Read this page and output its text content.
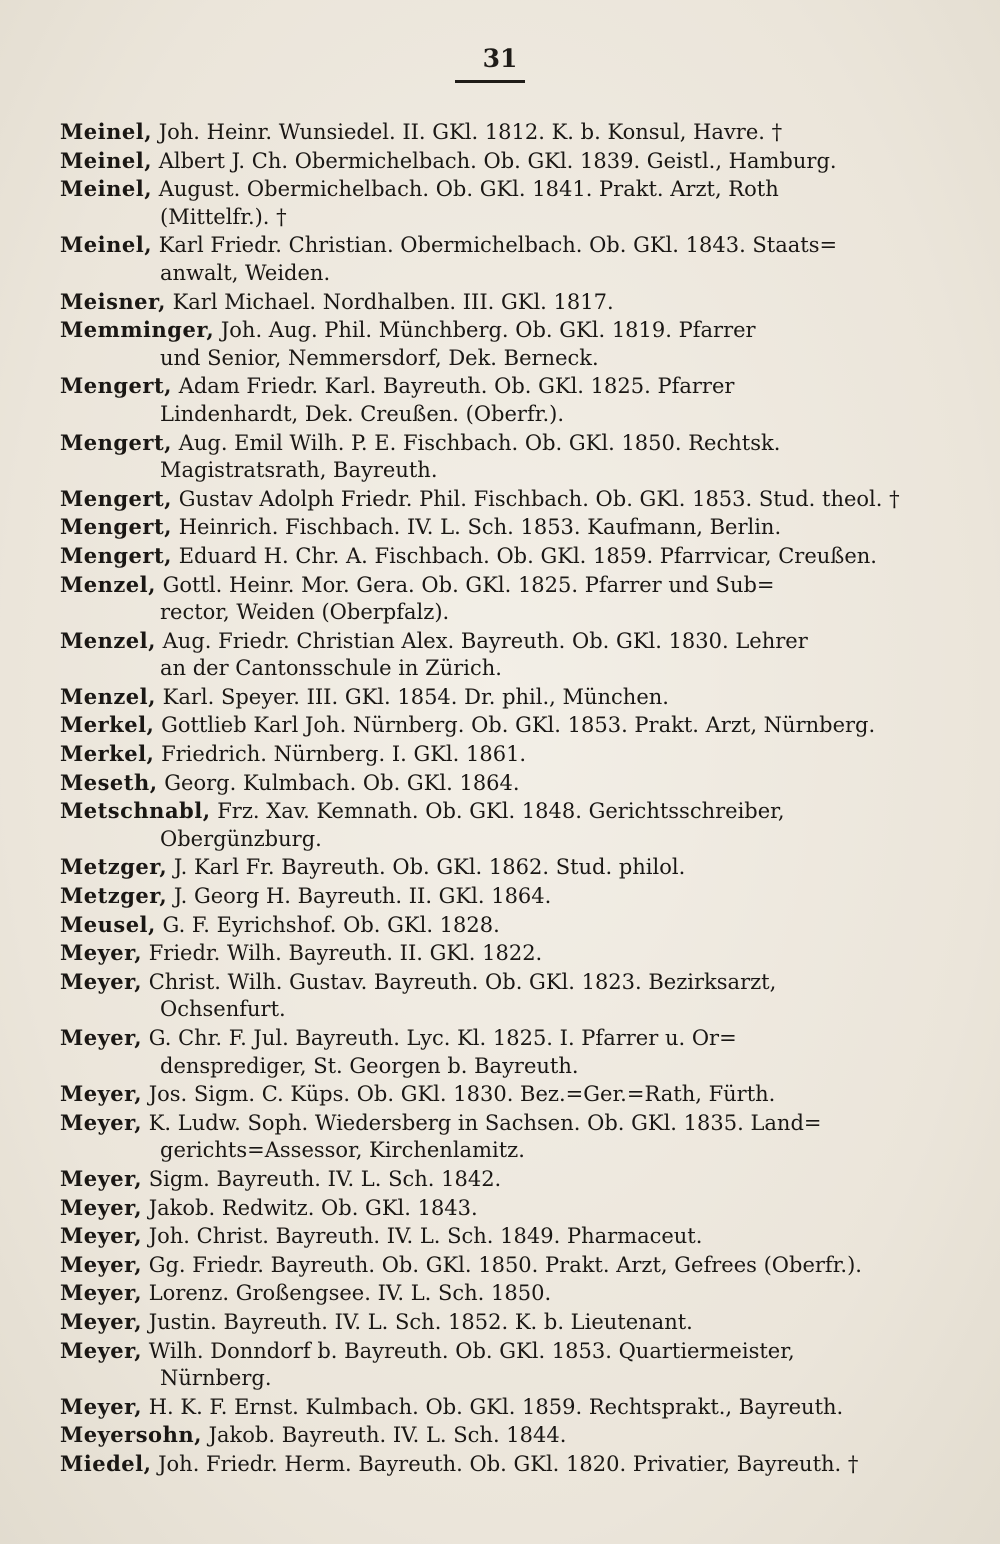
31
Meinel, Joh. Heinr. Wunsiedel. II. GKl. 1812. K. b. Konsul, Havre. †
Meinel, Albert J. Ch. Obermichelbach. Ob. GKl. 1839. Geistl., Hamburg.
Meinel, August. Obermichelbach. Ob. GKl. 1841. Prakt. Arzt, Roth
(Mittelfr.). †
Meinel, Karl Friedr. Christian. Obermichelbach. Ob. GKl. 1843. Staats=
anwalt, Weiden.
Meisner, Karl Michael. Nordhalben. III. GKl. 1817.
Memminger, Joh. Aug. Phil. Münchberg. Ob. GKl. 1819. Pfarrer
und Senior, Nemmersdorf, Dek. Berneck.
Mengert, Adam Friedr. Karl. Bayreuth. Ob. GKl. 1825. Pfarrer
Lindenhardt, Dek. Creußen. (Oberfr.).
Mengert, Aug. Emil Wilh. P. E. Fischbach. Ob. GKl. 1850. Rechtsk.
Magistratsrath, Bayreuth.
Mengert, Gustav Adolph Friedr. Phil. Fischbach. Ob. GKl. 1853. Stud. theol. †
Mengert, Heinrich. Fischbach. IV. L. Sch. 1853. Kaufmann, Berlin.
Mengert, Eduard H. Chr. A. Fischbach. Ob. GKl. 1859. Pfarrvicar, Creußen.
Menzel, Gottl. Heinr. Mor. Gera. Ob. GKl. 1825. Pfarrer und Sub=
rector, Weiden (Oberpfalz).
Menzel, Aug. Friedr. Christian Alex. Bayreuth. Ob. GKl. 1830. Lehrer
an der Cantonsschule in Zürich.
Menzel, Karl. Speyer. III. GKl. 1854. Dr. phil., München.
Merkel, Gottlieb Karl Joh. Nürnberg. Ob. GKl. 1853. Prakt. Arzt, Nürnberg.
Merkel, Friedrich. Nürnberg. I. GKl. 1861.
Meseth, Georg. Kulmbach. Ob. GKl. 1864.
Metschnabl, Frz. Xav. Kemnath. Ob. GKl. 1848. Gerichtsschreiber,
Obergünzburg.
Metzger, J. Karl Fr. Bayreuth. Ob. GKl. 1862. Stud. philol.
Metzger, J. Georg H. Bayreuth. II. GKl. 1864.
Meusel, G. F. Eyrichshof. Ob. GKl. 1828.
Meyer, Friedr. Wilh. Bayreuth. II. GKl. 1822.
Meyer, Christ. Wilh. Gustav. Bayreuth. Ob. GKl. 1823. Bezirksarzt,
Ochsenfurt.
Meyer, G. Chr. F. Jul. Bayreuth. Lyc. Kl. 1825. I. Pfarrer u. Or=
densprediger, St. Georgen b. Bayreuth.
Meyer, Jos. Sigm. C. Küps. Ob. GKl. 1830. Bez.=Ger.=Rath, Fürth.
Meyer, K. Ludw. Soph. Wiedersberg in Sachsen. Ob. GKl. 1835. Land=
gerichts=Assessor, Kirchenlamitz.
Meyer, Sigm. Bayreuth. IV. L. Sch. 1842.
Meyer, Jakob. Redwitz. Ob. GKl. 1843.
Meyer, Joh. Christ. Bayreuth. IV. L. Sch. 1849. Pharmaceut.
Meyer, Gg. Friedr. Bayreuth. Ob. GKl. 1850. Prakt. Arzt, Gefrees (Oberfr.).
Meyer, Lorenz. Großengsee. IV. L. Sch. 1850.
Meyer, Justin. Bayreuth. IV. L. Sch. 1852. K. b. Lieutenant.
Meyer, Wilh. Donndorf b. Bayreuth. Ob. GKl. 1853. Quartiermeister,
Nürnberg.
Meyer, H. K. F. Ernst. Kulmbach. Ob. GKl. 1859. Rechtsprakt., Bayreuth.
Meyersohn, Jakob. Bayreuth. IV. L. Sch. 1844.
Miedel, Joh. Friedr. Herm. Bayreuth. Ob. GKl. 1820. Privatier, Bayreuth. †
